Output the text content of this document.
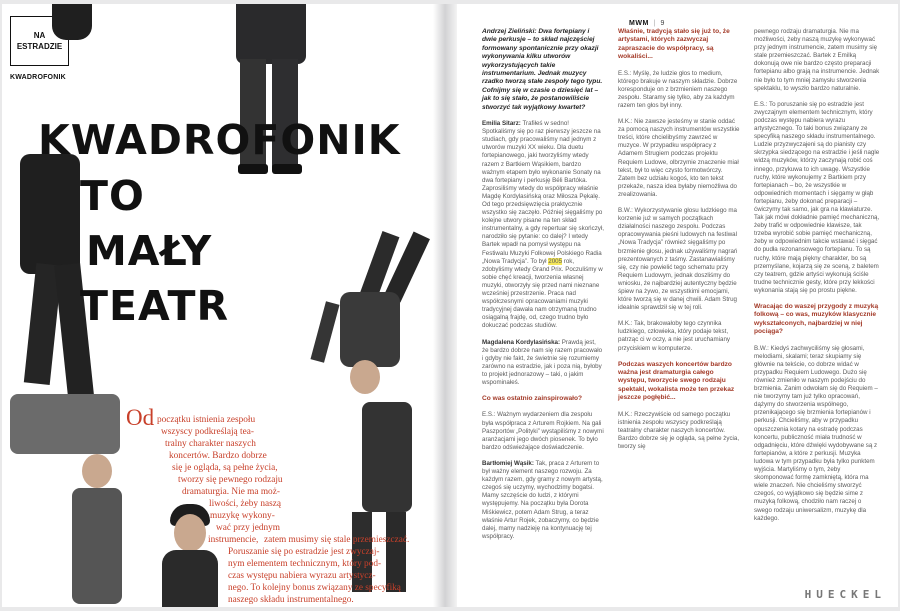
NA
ESTRADZIE
KWADROFONIK
KWADROFONIK
TO
MAŁY
TEATR
Od początku istnienia zespołu

wszyscy podkreślają tea-

tralny charakter naszych

koncertów. Bardzo dobrze

się je ogląda, są pełne życia,

tworzy się pewnego rodzaju

dramaturgia. Nie ma moż-

liwości, żeby naszą

muzykę wykony-

wać przy jednym

instrumencie, zatem musimy się stale przemieszczać.

Poruszanie się po estradzie jest zwyczaj-

nym elementem technicznym, który pod-

czas występu nabiera wyrazu artystycz-

nego. To kolejny bonus związany ze specyfiką

naszego składu instrumentalnego.

MWM | 9

Andrzej Zieliński: Dwa fortepiany i dwie perkusje – to skład najczęściej formowany spontanicznie przy okazji wykonywania kilku utworów wykorzystujących takie instrumentarium. Jednak muzycy rzadko tworzą stałe zespoły tego typu. Cofnijmy się w czasie o dziesięć lat – jak to się stało, że postanowiliście stworzyć tak wyjątkowy kwartet?

Emilia Sitarz: Trafiłeś w sedno! Spotkaliśmy się po raz pierwszy jeszcze na studiach, gdy pracowaliśmy nad jednym z utworów muzyki XX wieku. Dla duetu fortepianowego, jaki tworzyliśmy wtedy razem z Bartkiem Wąsikiem, bardzo ważnym etapem było wykonanie Sonaty na dwa fortepiany i perkusję Béli Bartóka. Zaprosiliśmy wtedy do współpracy właśnie Magdę Kordylasińską oraz Miłosza Pękalę. Od tego przedsięwzięcia praktycznie wszystko się zaczęło. Później sięgaliśmy po kolejne utwory pisane na ten skład instrumentalny, a gdy repertuar się skończył, narodziło się pytanie: co dalej? I wtedy Bartek wpadł na pomysł występu na Festiwalu Muzyki Folkowej Polskiego Radia „Nowa Tradycja”. To był 2005 rok, zdobyliśmy wtedy Grand Prix. Poczuliśmy w sobie chęć kreacji, tworzenia własnej muzyki, otworzyły się przed nami nieznane wcześniej przestrzenie. Praca nad współczesnymi opracowaniami muzyki tradycyjnej dawała nam otrzymaną trudno osiągalną frajdę, od, czego trudno było dokuczać podczas studiów.

Magdalena Kordylasińska: Prawdą jest, że bardzo dobrze nam się razem pracowało i gdyby nie fakt, że świetnie się rozumiemy zarówno na estradzie, jak i poza nią, byłoby to projekt jednorazowy – taki, o jakim wspominałeś.

Co was ostatnio zainspirowało?

E.S.: Ważnym wydarzeniem dla zespołu była współpraca z Arturem Rojkiem. Na gali Paszportów „Polityki” wystąpiliśmy z nowymi aranżacjami jego dwóch piosenek. To było bardzo odświeżające doświadczenie.

Bartłomiej Wąsik: Tak, praca z Arturem to był ważny element naszego rozwoju. Za każdym razem, gdy gramy z nowym artystą, czegoś się uczymy, wychodzimy bogatsi. Mamy szczęście do ludzi, z którymi występujemy. Na początku była Dorota Miśkiewicz, potem Adam Strug, a teraz właśnie Artur Rojek, zobaczymy, co będzie dalej, mamy nadzieję na kontynuację tej współpracy.

Właśnie, tradycją stało się już to, że artystami, których zazwyczaj zapraszacie do współpracy, są wokaliści...

E.S.: Myślę, że ludzie głos to medium, którego brakuje w naszym składzie. Dobrze koresponduje on z brzmieniem naszego zespołu. Staramy się tylko, aby za każdym razem ten głos był inny.

M.K.: Nie zawsze jesteśmy w stanie oddać za pomocą naszych instrumentów wszystkie treści, które chcielibyśmy zawrzeć w muzyce. W przypadku współpracy z Adamem Strugiem podczas projektu Requiem Ludowe, olbrzymie znaczenie miał tekst, był to więc czysto formotwórczy. Zatem bez udziału kogoś, kto ten tekst przekaże, nasza idea byłaby niemożliwa do zrealizowania.

B.W.: Wykorzystywanie głosu ludzkiego ma korzenie już w samych początkach działalności naszego zespołu. Podczas opracowywania pieśni ludowych na festiwal „Nowa Tradycja” również sięgaliśmy po brzmienie głosu, jednak używaliśmy nagrań prezentowanych z taśmy. Zastanawialiśmy się, czy nie powielić tego schematu przy Requiem Ludowym, jednak doszliśmy do wniosku, że najbardziej autentyczny będzie śpiew na żywo, ze wszystkimi emocjami, które tworzą się w danej chwili. Adam Strug idealnie sprawdził się w tej roli.

M.K.: Tak, brakowałoby tego czynnika ludzkiego, człowieka, który podaje tekst, patrząc ci w oczy, a nie jest uruchamiany przyciskiem w komputerze.

Podczas waszych koncertów bardzo ważna jest dramaturgia całego występu, tworzycie swego rodzaju spektakl, wokalista może ten przekaz jeszcze pogłębić...

M.K.: Rzeczywiście od samego początku istnienia zespołu wszyscy podkreślają teatralny charakter naszych koncertów. Bardzo dobrze się je ogląda, są pełne życia, tworzy się

pewnego rodzaju dramaturgia. Nie ma możliwości, żeby naszą muzykę wykonywać przy jednym instrumencie, zatem musimy się stale przemieszczać. Bartek z Emilką dokonują owe nie bardzo często preparacji fortepianu albo grają na instrumencie. Jednak nie było to tym mniej zamysłu stworzenia spektaklu, to wyszło bardzo naturalnie.

E.S.: To poruszanie się po estradzie jest zwyczajnym elementem technicznym, który podczas występu nabiera wyrazu artystycznego. To taki bonus związany ze specyfiką naszego składu instrumentalnego. Ludzie przyzwyczajeni są do pianisty czy skrzypka siedzącego na estradzie i jeśli nagle widzą muzyków, którzy zaczynają robić coś innego, przykuwa to ich uwagę. Wszystkie ruchy, które wykonujemy z Bartkiem przy fortepianach – bo, że wszystkie w odpowiednich momentach i sięgamy w głąb fortepianu, żeby dokonać preparacji – ćwiczymy tak samo, jak gra na klawiaturze. Tak jak mówi dokładnie pamięć mechaniczną, żeby trafić w odpowiednie klawisze, tak trzeba wyrobić sobie pamięć mechaniczną, żeby w odpowiednim takcie wstawać i sięgać do pudła rezonansowego fortepianu. To są ruchy, które mają piękny charakter, bo są przemyślane, kojarzą się ze sceną, z baletem czy teatrem, gdzie artyści wykonują ściśle trudne technicznie gesty, które przy lekkości wykonania stają się po prostu piękne.

Wracając do waszej przygody z muzyką folkową – co was, muzyków klasycznie wykształconych, najbardziej w niej pociąga?

B.W.: Kiedyś zachwyciliśmy się głosami, melodiami, skalami; teraz skupiamy się głównie na tekście, co dobrze widać w przypadku Requiem Ludowego. Dużo się również zmieniło w naszym podejściu do brzmienia. Zanim odwołam się do Requiem – nie tworzymy tam już tylko opracowań, dążymy do stworzenia współnego, przenikającego się brzmienia fortepianów i perkusji. Chcieliśmy, aby w przypadku opuszczenia kotary na estradę podczas koncertu, publiczność miała trudność w odgadnięciu, które dźwięki wydobywane są z fortepianów, a które z perkusji. Muzyka ludowa w tym przypadku była tylko punktem wyjścia. Martyliśmy o tym, żeby skomponować formę zamkniętą, która ma wiele znaczeń. Nie chcieliśmy stworzyć czegoś, co wyjątkowo się będzie sime z muzyką folkową, chodziło nam raczej o swego rodzaju uniwersalizm, muzykę dla każdego.

HUECKEL
